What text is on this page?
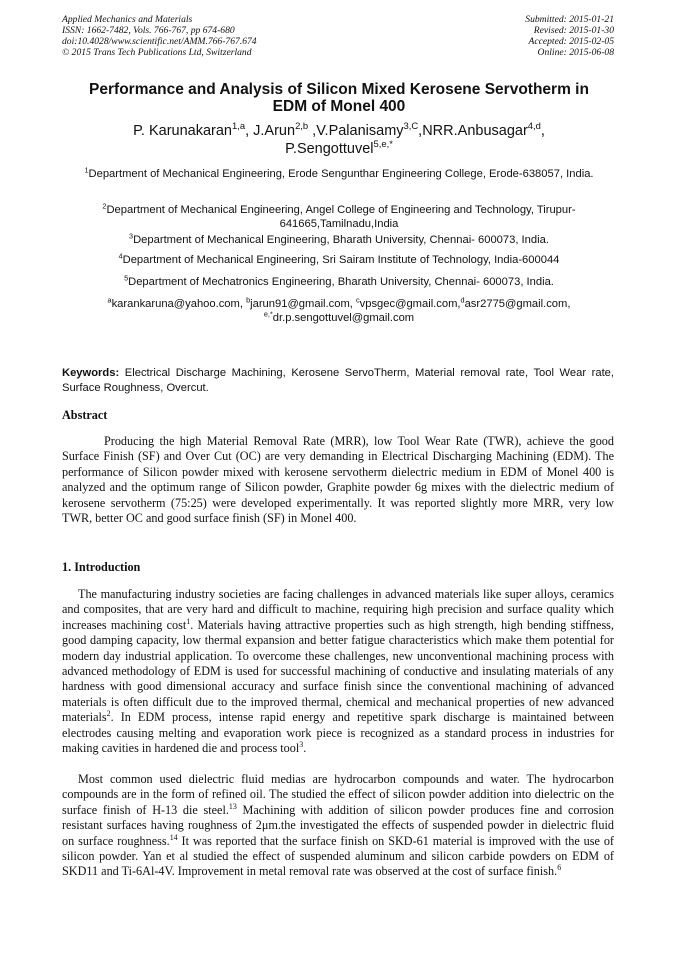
Applied Mechanics and Materials
ISSN: 1662-7482, Vols. 766-767, pp 674-680
doi:10.4028/www.scientific.net/AMM.766-767.674
© 2015 Trans Tech Publications Ltd, Switzerland
Submitted: 2015-01-21
Revised: 2015-01-30
Accepted: 2015-02-05
Online: 2015-06-08
Performance and Analysis of Silicon Mixed Kerosene Servotherm in
EDM of Monel 400
P. Karunakaran$^{1,a}$, J.Arun$^{2,b}$ ,V.Palanisamy$^{3,C}$,NRR.Anbusagar$^{4,d}$,
P.Sengottuvel$^{5,e,*}$
$^1$Department of Mechanical Engineering, Erode Sengunthar Engineering College, Erode-638057, India.
$^2$Department of Mechanical Engineering, Angel College of Engineering and Technology, Tirupur-641665,Tamilnadu,India
$^3$Department of Mechanical Engineering, Bharath University, Chennai- 600073, India.
$^4$Department of Mechanical Engineering, Sri Sairam Institute of Technology, India-600044
$^5$Department of Mechatronics Engineering, Bharath University, Chennai- 600073, India.
$^a$karankaruna@yahoo.com, $^b$jarun91@gmail.com, $^c$vpsgec@gmail.com,$^d$asr2775@gmail.com,
$^{e,*}$dr.p.sengottuvel@gmail.com
Keywords: Electrical Discharge Machining, Kerosene ServoTherm, Material removal rate, Tool Wear rate, Surface Roughness, Overcut.
Abstract
Producing the high Material Removal Rate (MRR), low Tool Wear Rate (TWR), achieve the good Surface Finish (SF) and Over Cut (OC) are very demanding in Electrical Discharging Machining (EDM). The performance of Silicon powder mixed with kerosene servotherm dielectric medium in EDM of Monel 400 is analyzed and the optimum range of Silicon powder, Graphite powder 6g mixes with the dielectric medium of kerosene servotherm (75:25) were developed experimentally. It was reported slightly more MRR, very low TWR, better OC and good surface finish (SF) in Monel 400.
1. Introduction
The manufacturing industry societies are facing challenges in advanced materials like super alloys, ceramics and composites, that are very hard and difficult to machine, requiring high precision and surface quality which increases machining cost$^1$. Materials having attractive properties such as high strength, high bending stiffness, good damping capacity, low thermal expansion and better fatigue characteristics which make them potential for modern day industrial application. To overcome these challenges, new unconventional machining process with advanced methodology of EDM is used for successful machining of conductive and insulating materials of any hardness with good dimensional accuracy and surface finish since the conventional machining of advanced materials is often difficult due to the improved thermal, chemical and mechanical properties of new advanced materials$^2$. In EDM process, intense rapid energy and repetitive spark discharge is maintained between electrodes causing melting and evaporation work piece is recognized as a standard process in industries for making cavities in hardened die and process tool$^3$.
Most common used dielectric fluid medias are hydrocarbon compounds and water. The hydrocarbon compounds are in the form of refined oil. The studied the effect of silicon powder addition into dielectric on the surface finish of H-13 die steel.$^{13}$ Machining with addition of silicon powder produces fine and corrosion resistant surfaces having roughness of 2μm.the investigated the effects of suspended powder in dielectric fluid on surface roughness.$^{14}$ It was reported that the surface finish on SKD-61 material is improved with the use of silicon powder. Yan et al studied the effect of suspended aluminum and silicon carbide powders on EDM of SKD11 and Ti-6Al-4V. Improvement in metal removal rate was observed at the cost of surface finish.$^6$
